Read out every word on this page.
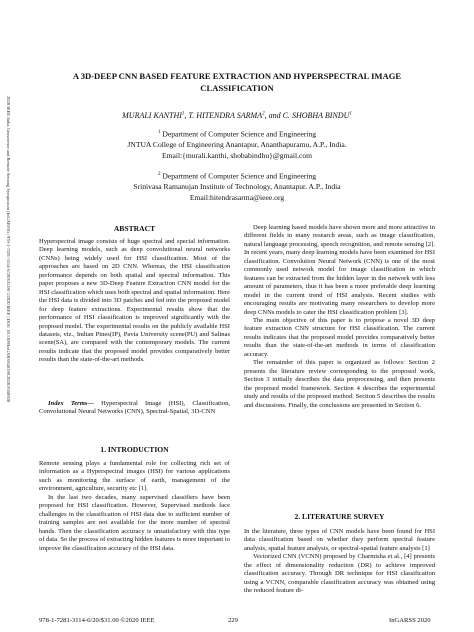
2020 IEEE India Geoscience and Remote Sensing Symposium (InGARSS) | 978-1-7281-3114-6/20/$31.00 ©2020 IEEE | DOI: 10.1109/InGARSS48198.2020.9358920
A 3D-DEEP CNN BASED FEATURE EXTRACTION AND HYPERSPECTRAL IMAGE
CLASSIFICATION
MURALI KANTHI$^1$, T. HITENDRA SARMA$^2$, and C. SHOBHA BINDU$^1$
$^1$ Department of Computer Science and Engineering
JNTUA College of Engineering Anantapur, Ananthapuramu, A.P., India.
Email:{murali.kanthi, shobabindhu}@gmail.com
$^2$ Department of Computer Science and Engineering
Srinivasa Ramanujan Institute of Technology, Anantapur. A.P., India
Email:hitendrasarma@ieee.org
ABSTRACT

Hyperspectral image consists of huge spectral and special information. Deep learning models, such as deep convolutional neural networks (CNNs) being widely used for HSI classification. Most of the approaches are based on 2D CNN. Whereas, the HSI classification performance depends on both spatial and spectral information. This paper proposes a new 3D-Deep Feature Extraction CNN model for the HSI classification which uses both spectral and spatial information. Here the HSI data is divided into 3D patches and fed into the proposed model for deep feature extractions. Experimental results show that the performance of HSI classification is improved significantly with the proposed model. The experimental results on the publicly available HSI datasets, viz., Indian Pines(IP), Pavia University scene(PU) and Salinas scene(SA), are compared with the contemporary models. The current results indicate that the proposed model provides comparatively better results than the state-of-the-art methods.

Index Terms— Hyperspectral Image (HSI), Classification, Convolutional Neural Networks (CNN), Spectral-Spatial, 3D-CNN

1. INTRODUCTION

Remote sensing plays a fundamental role for collecting rich set of information as a Hyperspectral images (HSI) for various applications such as monitoring the surface of earth, management of the environment, agriculture, security etc [1].

In the last two decades, many supervised classifiers have been proposed for HSI classification. However, Supervised methods face challenges in the classification of HSI data due to sufficient number of training samples are not available for the more number of spectral bands. Then the classification accuracy is unsatisfactory with this type of data. So the process of extracting hidden features is more important to improve the classification accuracy of the HSI data.

Deep learning based models have shown more and more attractive in different fields in many research areas, such as image classification, natural language processing, speech recognition, and remote sensing [2]. In recent years, many deep learning models have been examined for HSI classification. Convolution Neural Network (CNN) is one of the most commonly used network model for image classification in which features can be extracted from the hidden layer in the network with less amount of parameters, thus it has been a more preferable deep learning model in the current trend of HSI analysis. Recent studies with encouraging results are motivating many researchers to develop more deep CNNs models to cater the HSI classification problem [3].

The main objective of this paper is to propose a novel 3D deep feature extraction CNN structure for HSI classification. The current results indicates that the proposed model provides comparatively better results than the state-of-the-art methods in terms of classification accuracy.

The remainder of this paper is organized as follows: Section 2 presents the literature review corresponding to the proposed work, Section 3 initially describes the data preprocessing, and then presents the proposed model framework. Section 4 describes the experimental study and results of the proposed method. Section 5 describes the results and discussions. Finally, the conclusions are presented in Section 6.

2. LITERATURE SURVEY

In the literature, three types of CNN models have been found for HSI data classification based on whether they perform spectral feature analysis, spatial feature analysis, or spectral-spatial feature analysis [1]

Vectorized CNN (VCNN) proposed by Charmisha et al., [4] presents the effect of dimensionality reduction (DR) to achieve improved classification accuracy. Through DR technique for HSI classification using a VCNN, comparable classification accuracy was obtained using the reduced feature di-

978-1-7281-3114-6/20/$31.00 ©2020 IEEE	229	InGARSS 2020
